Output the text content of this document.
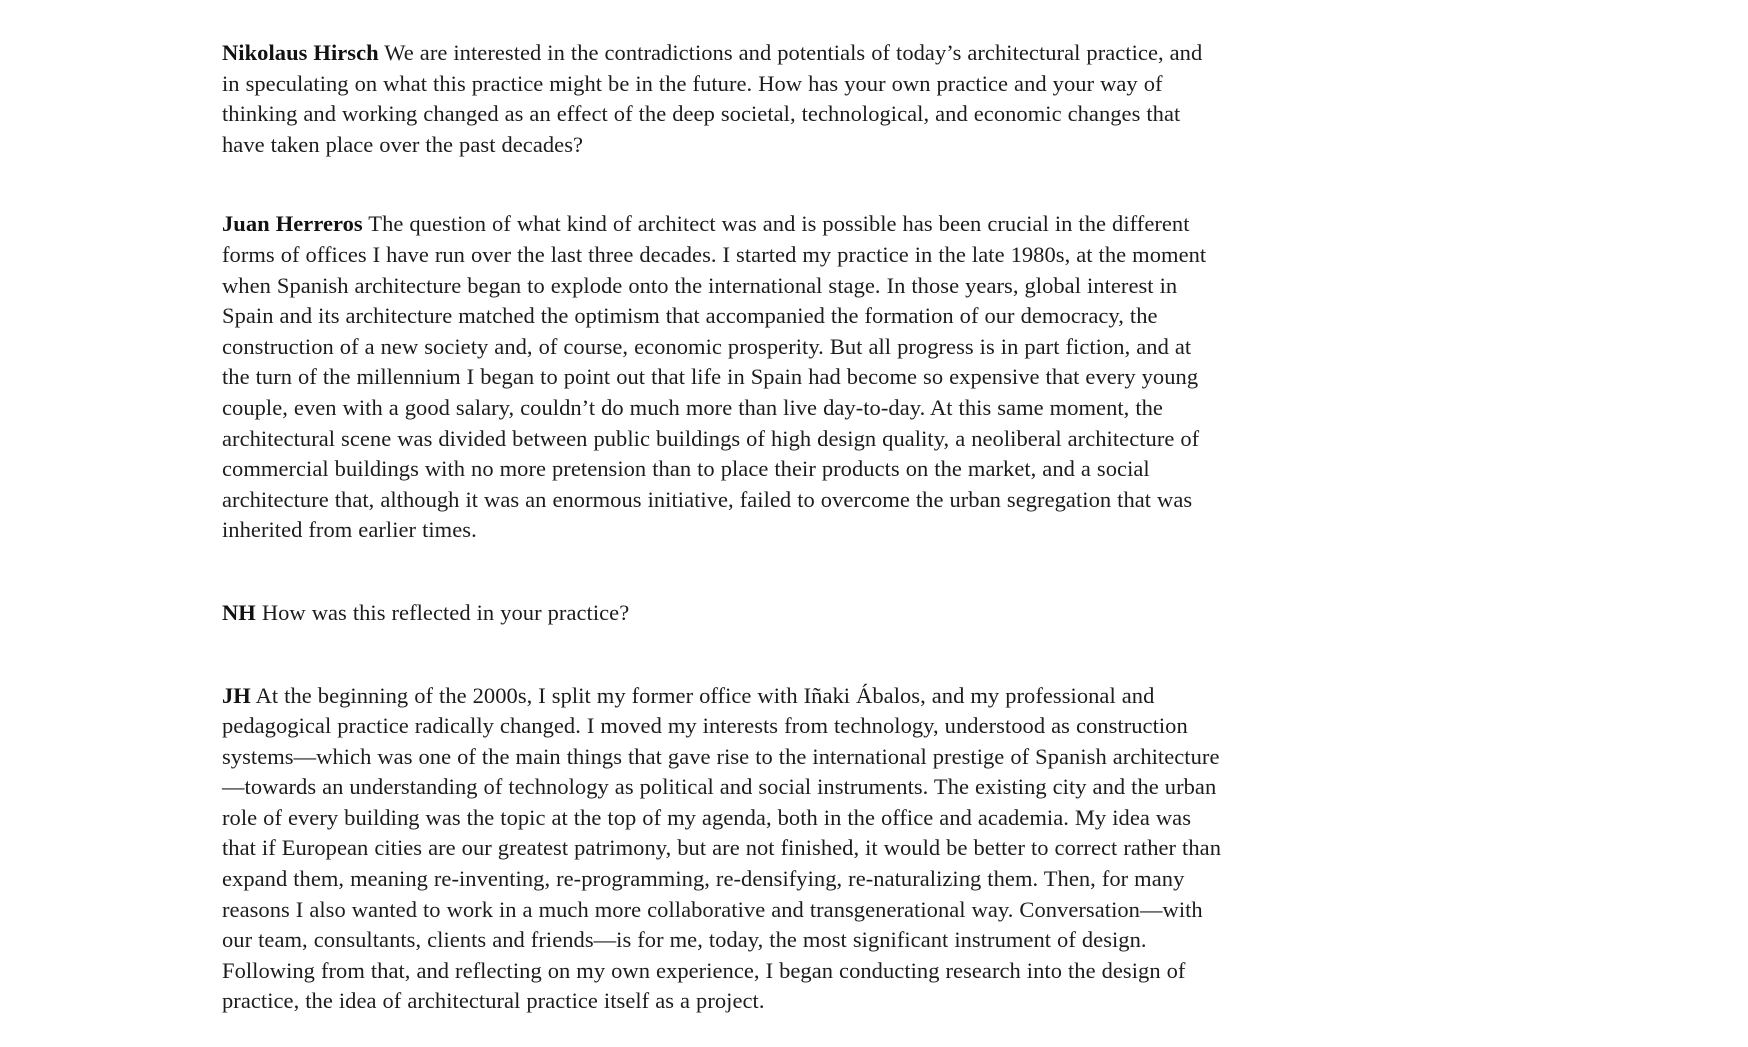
Nikolaus Hirsch We are interested in the contradictions and potentials of today’s architectural practice, and in speculating on what this practice might be in the future. How has your own practice and your way of thinking and working changed as an effect of the deep societal, technological, and economic changes that have taken place over the past decades?

Juan Herreros The question of what kind of architect was and is possible has been crucial in the different forms of offices I have run over the last three decades. I started my practice in the late 1980s, at the moment when Spanish architecture began to explode onto the international stage. In those years, global interest in Spain and its architecture matched the optimism that accompanied the formation of our democracy, the construction of a new society and, of course, economic prosperity. But all progress is in part fiction, and at the turn of the millennium I began to point out that life in Spain had become so expensive that every young couple, even with a good salary, couldn’t do much more than live day-to-day. At this same moment, the architectural scene was divided between public buildings of high design quality, a neoliberal architecture of commercial buildings with no more pretension than to place their products on the market, and a social architecture that, although it was an enormous initiative, failed to overcome the urban segregation that was inherited from earlier times.

NH How was this reflected in your practice?

JH At the beginning of the 2000s, I split my former office with Iñaki Ábalos, and my professional and pedagogical practice radically changed. I moved my interests from technology, understood as construction systems—which was one of the main things that gave rise to the international prestige of Spanish architecture—towards an understanding of technology as political and social instruments. The existing city and the urban role of every building was the topic at the top of my agenda, both in the office and academia. My idea was that if European cities are our greatest patrimony, but are not finished, it would be better to correct rather than expand them, meaning re-inventing, re-programming, re-densifying, re-naturalizing them. Then, for many reasons I also wanted to work in a much more collaborative and transgenerational way. Conversation—with our team, consultants, clients and friends—is for me, today, the most significant instrument of design. Following from that, and reflecting on my own experience, I began conducting research into the design of practice, the idea of architectural practice itself as a project.
